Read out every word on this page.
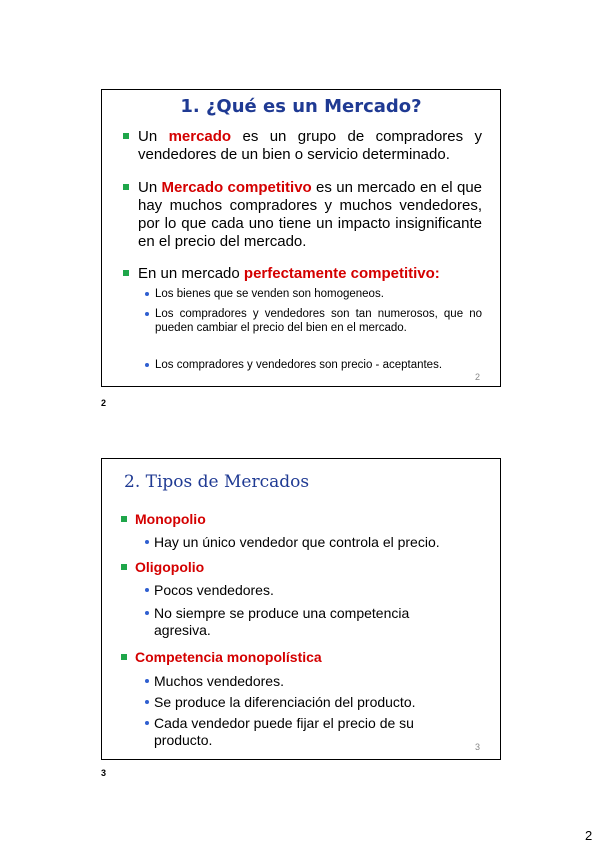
1. ¿Qué es un Mercado?
Un mercado es un grupo de compradores y vendedores de un bien o servicio determinado.
Un Mercado competitivo es un mercado en el que hay muchos compradores y muchos vendedores, por lo que cada uno tiene un impacto insignificante en el precio del mercado.
En un mercado perfectamente competitivo:
Los bienes que se venden son homogeneos.
Los compradores y vendedores son tan numerosos, que no pueden cambiar el precio del bien en el mercado.
Los compradores y vendedores son precio - aceptantes.
2
2
2. Tipos de Mercados
Monopolio
Hay un único vendedor que controla el precio.
Oligopolio
Pocos vendedores.
No siempre se produce una competencia agresiva.
Competencia monopolística
Muchos vendedores.
Se produce la diferenciación del producto.
Cada vendedor puede fijar el precio de su producto.	3
3
2
